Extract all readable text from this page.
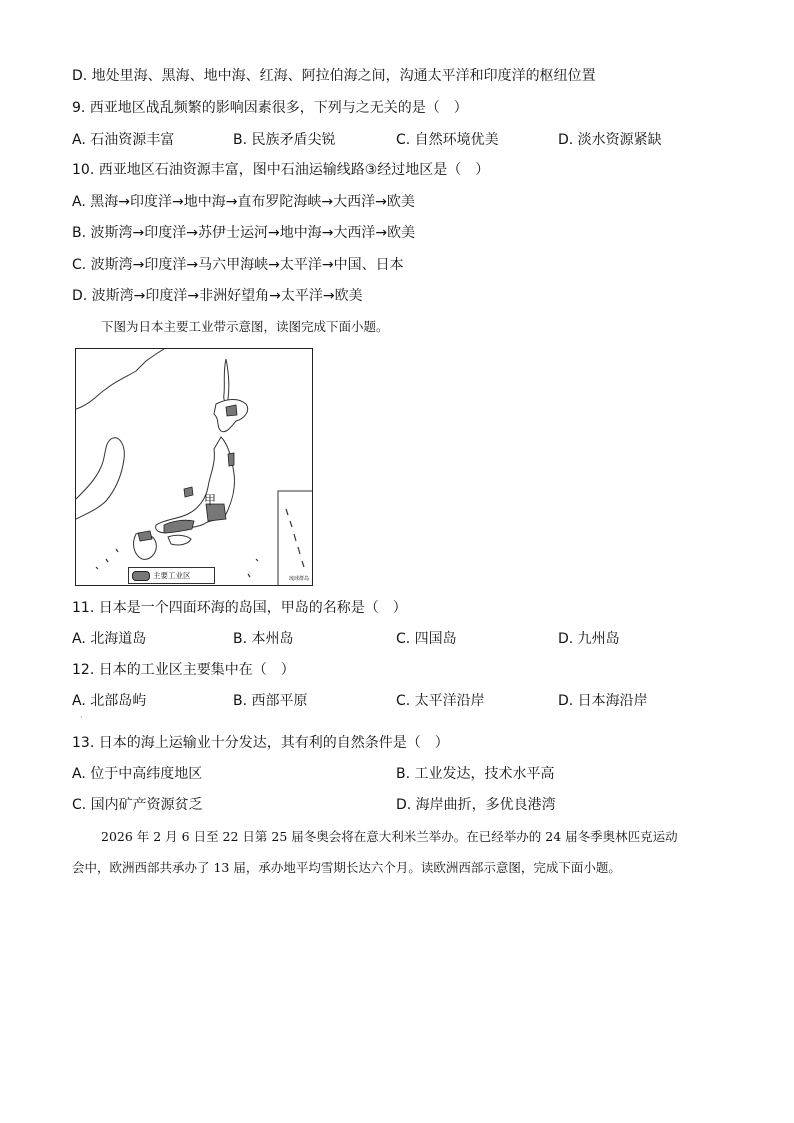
D. 地处里海、黑海、地中海、红海、阿拉伯海之间，沟通太平洋和印度洋的枢纽位置
9. 西亚地区战乱频繁的影响因素很多，下列与之无关的是（　）
A. 石油资源丰富	B. 民族矛盾尖锐	C. 自然环境优美	D. 淡水资源紧缺
10. 西亚地区石油资源丰富，图中石油运输线路③经过地区是（　）
A. 黑海→印度洋→地中海→直布罗陀海峡→大西洋→欧美
B. 波斯湾→印度洋→苏伊士运河→地中海→大西洋→欧美
C. 波斯湾→印度洋→马六甲海峡→太平洋→中国、日本
D. 波斯湾→印度洋→非洲好望角→太平洋→欧美
下图为日本主要工业带示意图，读图完成下面小题。
甲
主要工业区	琉球群岛
11. 日本是一个四面环海的岛国，甲岛的名称是（　）
A. 北海道岛	B. 本州岛	C. 四国岛	D. 九州岛
12. 日本的工业区主要集中在（　）
A. 北部岛屿	B. 西部平原	C. 太平洋沿岸	D. 日本海沿岸
·
13. 日本的海上运输业十分发达，其有利的自然条件是（　）
A. 位于中高纬度地区	B. 工业发达，技术水平高
C. 国内矿产资源贫乏	D. 海岸曲折，多优良港湾
2026 年 2 月 6 日至 22 日第 25 届冬奥会将在意大利米兰举办。在已经举办的 24 届冬季奥林匹克运动
会中，欧洲西部共承办了 13 届，承办地平均雪期长达六个月。读欧洲西部示意图，完成下面小题。
